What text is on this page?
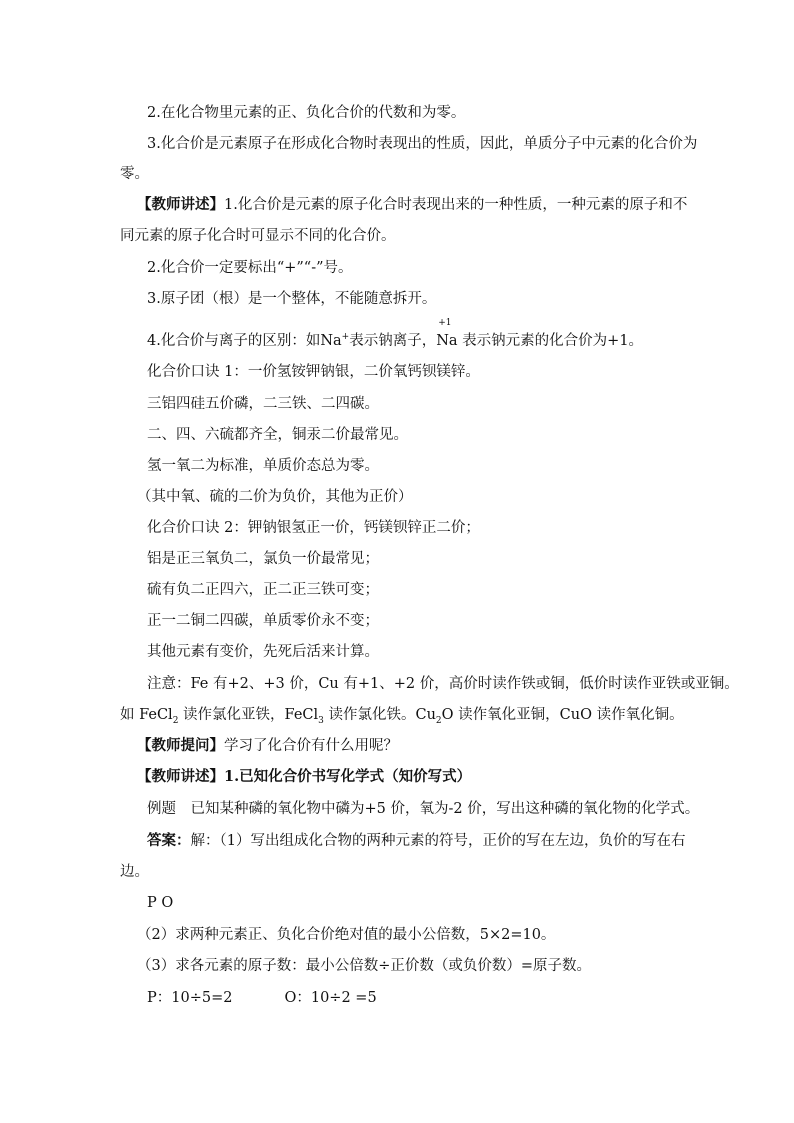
2.在化合物里元素的正、负化合价的代数和为零。
3.化合价是元素原子在形成化合物时表现出的性质，因此，单质分子中元素的化合价为
零。
【教师讲述】1.化合价是元素的原子化合时表现出来的一种性质，一种元素的原子和不
同元素的原子化合时可显示不同的化合价。
2.化合价一定要标出“+”“-”号。
3.原子团（根）是一个整体，不能随意拆开。
4.化合价与离子的区别：如Na+表示钠离子，
+1
Na 表示钠元素的化合价为+1。
化合价口诀 1：一价氢铵钾钠银，二价氧钙钡镁锌。
三铝四硅五价磷，二三铁、二四碳。
二、四、六硫都齐全，铜汞二价最常见。
氢一氧二为标准，单质价态总为零。
（其中氧、硫的二价为负价，其他为正价）
化合价口诀 2：钾钠银氢正一价，钙镁钡锌正二价；
铝是正三氧负二，氯负一价最常见；
硫有负二正四六，正二正三铁可变；
正一二铜二四碳，单质零价永不变；
其他元素有变价，先死后活来计算。
注意：Fe 有+2、+3 价，Cu 有+1、+2 价，高价时读作铁或铜，低价时读作亚铁或亚铜。
如 FeCl$_2$ 读作氯化亚铁，FeCl$_3$ 读作氯化铁。$Cu_2O$ 读作氧化亚铜，CuO 读作氧化铜。
【教师提问】学习了化合价有什么用呢？
【教师讲述】1.已知化合价书写化学式（知价写式）
例题　已知某种磷的氧化物中磷为+5 价，氧为-2 价，写出这种磷的氧化物的化学式。
答案：解：（1）写出组成化合物的两种元素的符号，正价的写在左边，负价的写在右
边。
P O
（2）求两种元素正、负化合价绝对值的最小公倍数，5×2=10。
（3）求各元素的原子数：最小公倍数÷正价数（或负价数）=原子数。
P：10÷5=2	O：10÷2 =5
